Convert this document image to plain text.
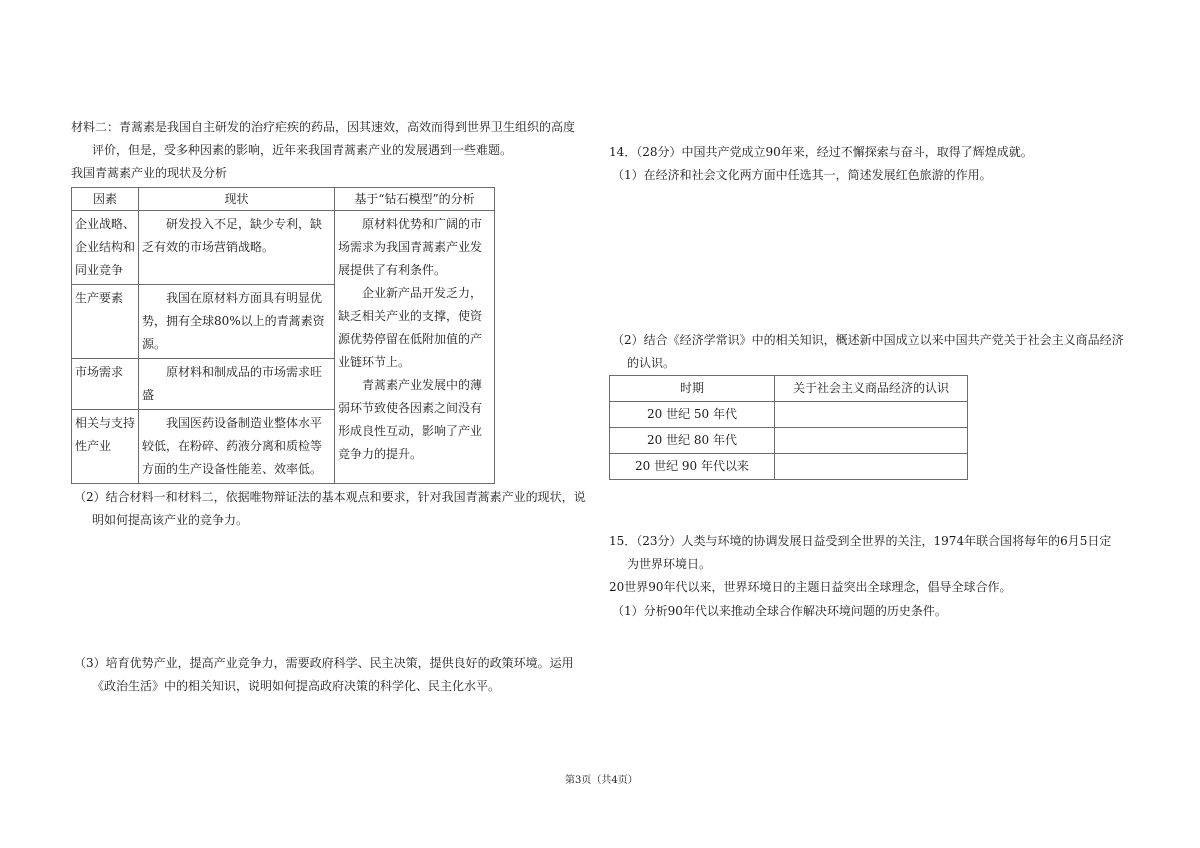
材料二：青蒿素是我国自主研发的治疗疟疾的药品，因其速效，高效而得到世界卫生组织的高度
评价，但是，受多种因素的影响，近年来我国青蒿素产业的发展遇到一些难题。
我国青蒿素产业的现状及分析
因素	现状	基于“钻石模型”的分析

企业战略、企业结构和同业竞争	研发投入不足，缺少专利，缺乏有效的市场营销战略。	原材料优势和广阔的市场需求为我国青蒿素产业发展提供了有利条件。
企业新产品开发乏力，缺乏相关产业的支撑，使资源优势停留在低附加值的产业链环节上。
青蒿素产业发展中的薄弱环节致使各因素之间没有形成良性互动，影响了产业竞争力的提升。

生产要素	我国在原材料方面具有明显优势，拥有全球80%以上的青蒿素资源。	

市场需求	原材料和制成品的市场需求旺盛	

相关与支持性产业	我国医药设备制造业整体水平较低，在粉碎、药液分离和质检等方面的生产设备性能差、效率低。	
（2）结合材料一和材料二，依据唯物辩证法的基本观点和要求，针对我国青蒿素产业的现状，说
明如何提高该产业的竞争力。
（3）培育优势产业，提高产业竞争力，需要政府科学、民主决策，提供良好的政策环境。运用
《政治生活》中的相关知识，说明如何提高政府决策的科学化、民主化水平。
14．（28分）中国共产党成立90年来，经过不懈探索与奋斗，取得了辉煌成就。
（1）在经济和社会文化两方面中任选其一，简述发展红色旅游的作用。
（2）结合《经济学常识》中的相关知识，概述新中国成立以来中国共产党关于社会主义商品经济
的认识。
时期	关于社会主义商品经济的认识
20 世纪 50 年代	
20 世纪 80 年代	
20 世纪 90 年代以来	
15．（23分）人类与环境的协调发展日益受到全世界的关注，1974年联合国将每年的6月5日定
为世界环境日。
20世界90年代以来，世界环境日的主题日益突出全球理念，倡导全球合作。
（1）分析90年代以来推动全球合作解决环境问题的历史条件。
第3页（共4页）
